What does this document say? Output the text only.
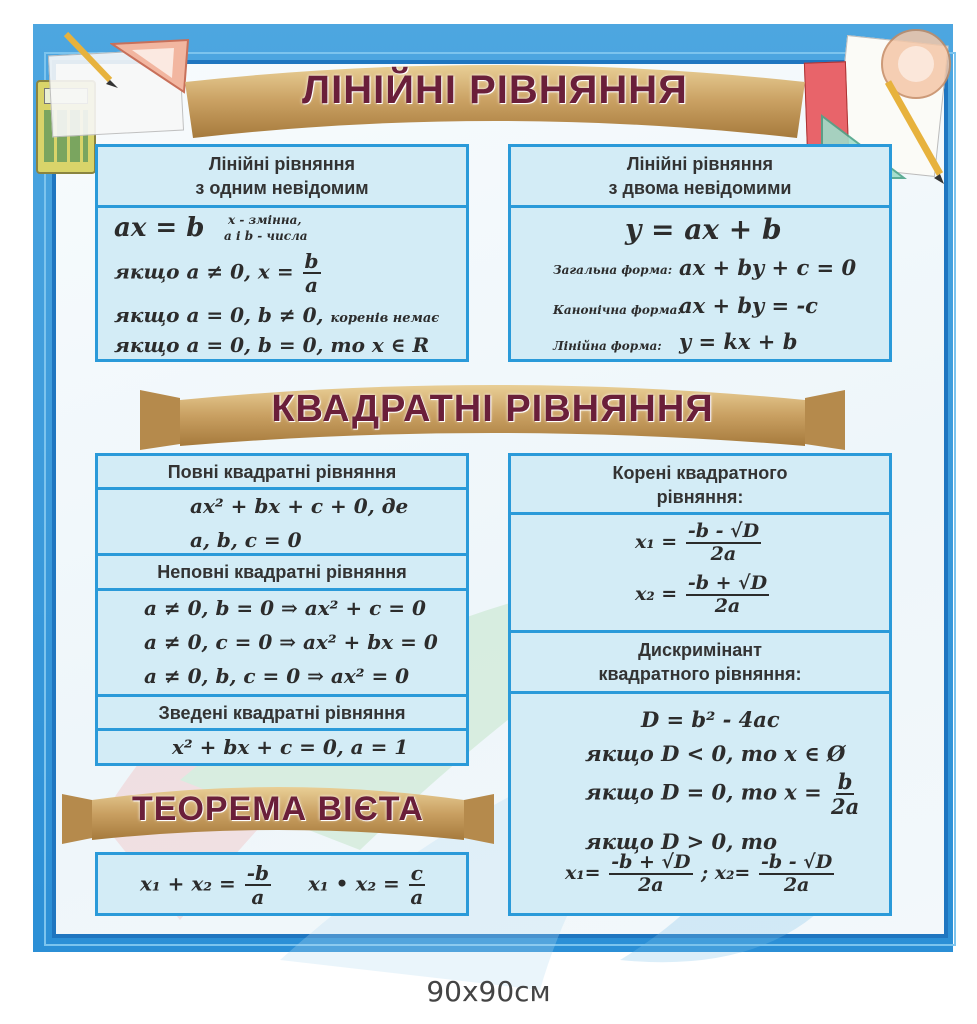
ЛІНІЙНІ РІВНЯННЯ
Лінійні рівняння
з одним невідомим
ax = b x - змінна,
a і b - числа
якщо a ≠ 0, $x = \frac{b}{a}$
якщо a = 0, b ≠ 0, коренів немає
якщо a = 0, b = 0, то x ∈ R
Лінійні рівняння
з двома невідомими
y = ax + b
Загальна форма: ax + by + c = 0
Канонічна форма:
ax + by = -c
Лінійна форма: y = kx + b
КВАДРАТНІ РІВНЯННЯ
Повні квадратні рівняння
ax² + bx + c + 0, де
a, b, c = 0
Неповні квадратні рівняння
a ≠ 0, b = 0 ⇒ ax² + c = 0
a ≠ 0, c = 0 ⇒ ax² + bx = 0
a ≠ 0, b, c = 0 ⇒ ax² = 0
Зведені квадратні рівняння
x² + bx + c = 0, a = 1
ТЕОРЕМА ВІЄТА
$x_1 + x_2 = \frac{-b}{a} x_1$ • $x_2 = \frac{c}{a}$
Корені квадратного
рівняння:
$x_1 = \frac{-b - √D}{2a}$
$x_2 = \frac{-b + √D}{2a}$
Дискримінант
квадратного рівняння:
D = b² - 4ac
якщо D < 0, то x ∈ Ø
якщо D = 0, то $x = \frac{b}{2a}$
якщо D > 0, то
$x_1= \frac{-b + √D}{2a}$ ; $x_2= \frac{-b - √D}{2a}$
90x90см
